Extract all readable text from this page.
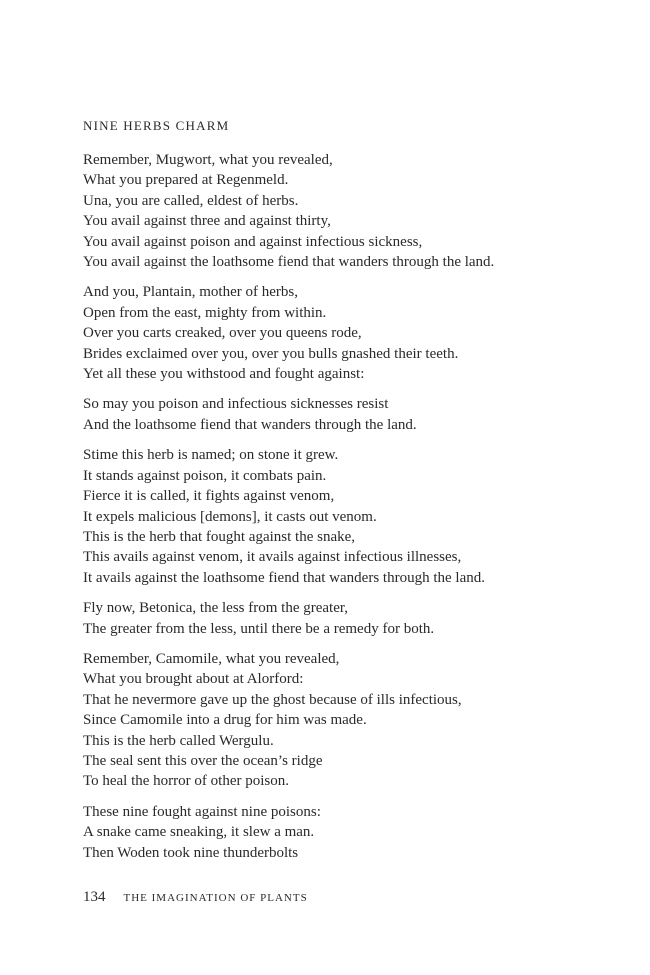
NINE HERBS CHARM
Remember, Mugwort, what you revealed,
What you prepared at Regenmeld.
Una, you are called, eldest of herbs.
You avail against three and against thirty,
You avail against poison and against infectious sickness,
You avail against the loathsome fiend that wanders through the land.
And you, Plantain, mother of herbs,
Open from the east, mighty from within.
Over you carts creaked, over you queens rode,
Brides exclaimed over you, over you bulls gnashed their teeth.
Yet all these you withstood and fought against:
So may you poison and infectious sicknesses resist
And the loathsome fiend that wanders through the land.
Stime this herb is named; on stone it grew.
It stands against poison, it combats pain.
Fierce it is called, it fights against venom,
It expels malicious [demons], it casts out venom.
This is the herb that fought against the snake,
This avails against venom, it avails against infectious illnesses,
It avails against the loathsome fiend that wanders through the land.
Fly now, Betonica, the less from the greater,
The greater from the less, until there be a remedy for both.
Remember, Camomile, what you revealed,
What you brought about at Alorford:
That he nevermore gave up the ghost because of ills infectious,
Since Camomile into a drug for him was made.
This is the herb called Wergulu.
The seal sent this over the ocean’s ridge
To heal the horror of other poison.
These nine fought against nine poisons:
A snake came sneaking, it slew a man.
Then Woden took nine thunderbolts
134 THE IMAGINATION OF PLANTS
